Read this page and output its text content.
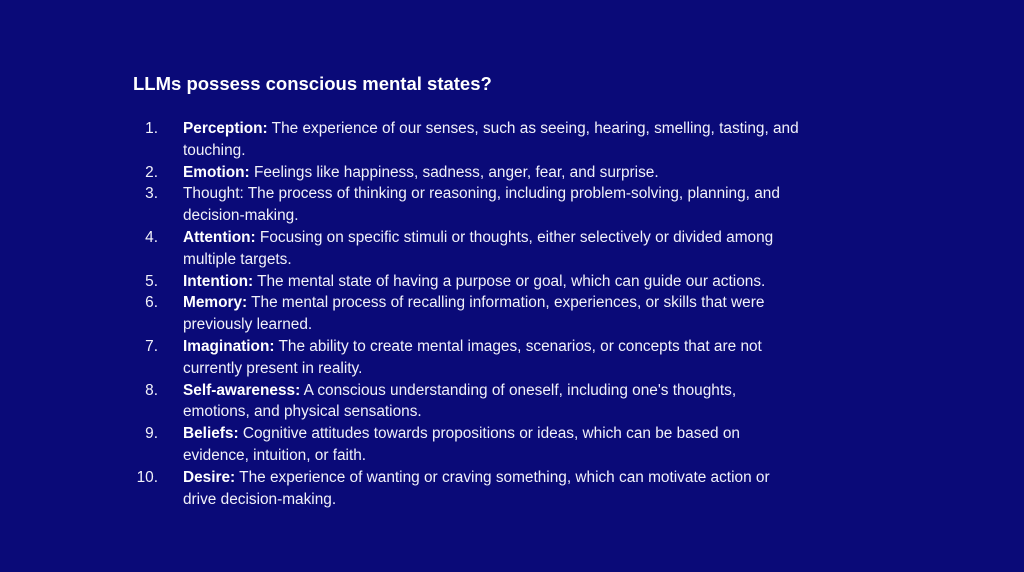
LLMs possess conscious mental states?
1. Perception: The experience of our senses, such as seeing, hearing, smelling, tasting, and touching.
2. Emotion: Feelings like happiness, sadness, anger, fear, and surprise.
3. Thought: The process of thinking or reasoning, including problem-solving, planning, and decision-making.
4. Attention: Focusing on specific stimuli or thoughts, either selectively or divided among multiple targets.
5. Intention: The mental state of having a purpose or goal, which can guide our actions.
6. Memory: The mental process of recalling information, experiences, or skills that were previously learned.
7. Imagination: The ability to create mental images, scenarios, or concepts that are not currently present in reality.
8. Self-awareness: A conscious understanding of oneself, including one's thoughts, emotions, and physical sensations.
9. Beliefs: Cognitive attitudes towards propositions or ideas, which can be based on evidence, intuition, or faith.
10. Desire: The experience of wanting or craving something, which can motivate action or drive decision-making.
